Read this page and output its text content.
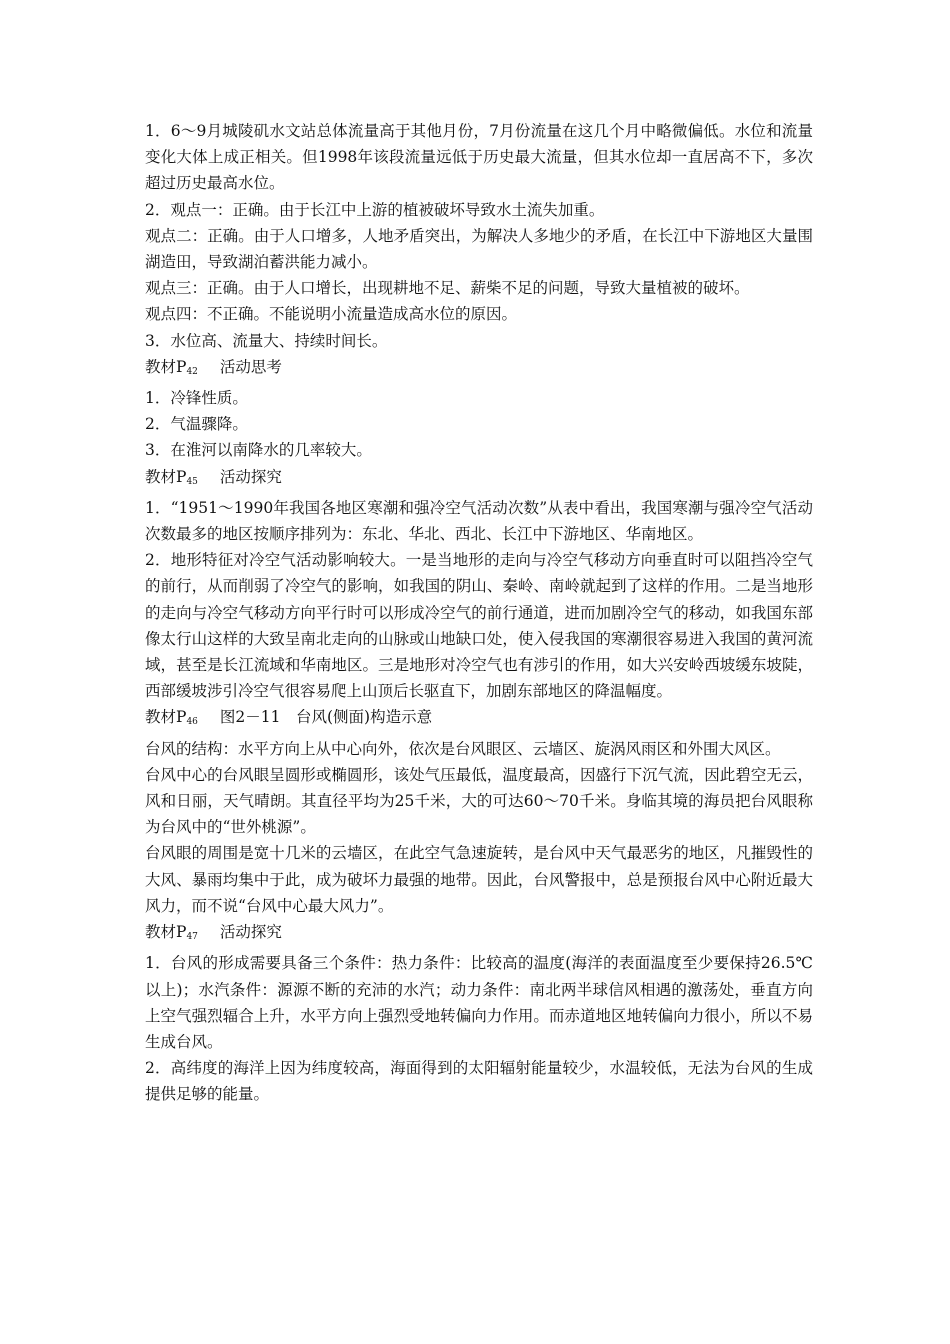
1．6～9月城陵矶水文站总体流量高于其他月份，7月份流量在这几个月中略微偏低。水位和流量变化大体上成正相关。但1998年该段流量远低于历史最大流量，但其水位却一直居高不下，多次超过历史最高水位。

2．观点一：正确。由于长江中上游的植被破坏导致水土流失加重。

观点二：正确。由于人口增多，人地矛盾突出，为解决人多地少的矛盾，在长江中下游地区大量围湖造田，导致湖泊蓄洪能力减小。

观点三：正确。由于人口增长，出现耕地不足、薪柴不足的问题，导致大量植被的破坏。

观点四：不正确。不能说明小流量造成高水位的原因。

3．水位高、流量大、持续时间长。

教材$P_{42}$ 活动思考

1．冷锋性质。

2．气温骤降。

3．在淮河以南降水的几率较大。

教材$P_{45}$ 活动探究

1．“1951～1990年我国各地区寒潮和强冷空气活动次数”从表中看出，我国寒潮与强冷空气活动次数最多的地区按顺序排列为：东北、华北、西北、长江中下游地区、华南地区。

2．地形特征对冷空气活动影响较大。一是当地形的走向与冷空气移动方向垂直时可以阻挡冷空气的前行，从而削弱了冷空气的影响，如我国的阴山、秦岭、南岭就起到了这样的作用。二是当地形的走向与冷空气移动方向平行时可以形成冷空气的前行通道，进而加剧冷空气的移动，如我国东部像太行山这样的大致呈南北走向的山脉或山地缺口处，使入侵我国的寒潮很容易进入我国的黄河流域，甚至是长江流域和华南地区。三是地形对冷空气也有涉引的作用，如大兴安岭西坡缓东坡陡，西部缓坡涉引冷空气很容易爬上山顶后长驱直下，加剧东部地区的降温幅度。

教材$P_{46}$ 图2－11　台风(侧面)构造示意

台风的结构：水平方向上从中心向外，依次是台风眼区、云墙区、旋涡风雨区和外围大风区。

台风中心的台风眼呈圆形或椭圆形，该处气压最低，温度最高，因盛行下沉气流，因此碧空无云，风和日丽，天气晴朗。其直径平均为25千米，大的可达60～70千米。身临其境的海员把台风眼称为台风中的“世外桃源”。

台风眼的周围是宽十几米的云墙区，在此空气急速旋转，是台风中天气最恶劣的地区，凡摧毁性的大风、暴雨均集中于此，成为破坏力最强的地带。因此，台风警报中，总是预报台风中心附近最大风力，而不说“台风中心最大风力”。

教材$P_{47}$ 活动探究

1．台风的形成需要具备三个条件：热力条件：比较高的温度(海洋的表面温度至少要保持26.5℃以上)；水汽条件：源源不断的充沛的水汽；动力条件：南北两半球信风相遇的激荡处，垂直方向上空气强烈辐合上升，水平方向上强烈受地转偏向力作用。而赤道地区地转偏向力很小，所以不易生成台风。

2．高纬度的海洋上因为纬度较高，海面得到的太阳辐射能量较少，水温较低，无法为台风的生成提供足够的能量。
